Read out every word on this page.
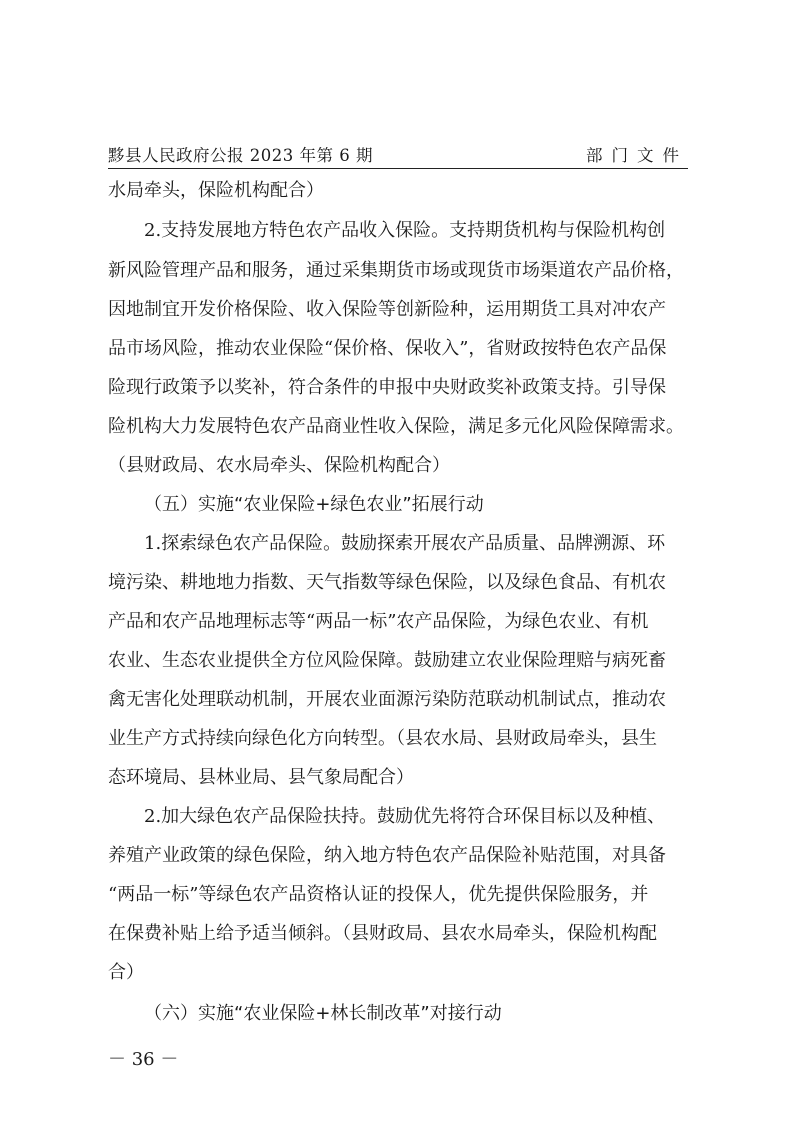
黟县人民政府公报 2023 年第 6 期	部门文件
水局牵头，保险机构配合）
2.支持发展地方特色农产品收入保险。支持期货机构与保险机构创
新风险管理产品和服务，通过采集期货市场或现货市场渠道农产品价格，
因地制宜开发价格保险、收入保险等创新险种，运用期货工具对冲农产
品市场风险，推动农业保险“保价格、保收入”，省财政按特色农产品保
险现行政策予以奖补，符合条件的申报中央财政奖补政策支持。引导保
险机构大力发展特色农产品商业性收入保险，满足多元化风险保障需求。
（县财政局、农水局牵头、保险机构配合）
（五）实施“农业保险+绿色农业”拓展行动
1.探索绿色农产品保险。鼓励探索开展农产品质量、品牌溯源、环
境污染、耕地地力指数、天气指数等绿色保险，以及绿色食品、有机农
产品和农产品地理标志等“两品一标”农产品保险，为绿色农业、有机
农业、生态农业提供全方位风险保障。鼓励建立农业保险理赔与病死畜
禽无害化处理联动机制，开展农业面源污染防范联动机制试点，推动农
业生产方式持续向绿色化方向转型。（县农水局、县财政局牵头，县生
态环境局、县林业局、县气象局配合）
2.加大绿色农产品保险扶持。鼓励优先将符合环保目标以及种植、
养殖产业政策的绿色保险，纳入地方特色农产品保险补贴范围，对具备
“两品一标”等绿色农产品资格认证的投保人，优先提供保险服务，并
在保费补贴上给予适当倾斜。（县财政局、县农水局牵头，保险机构配
合）
（六）实施“农业保险+林长制改革”对接行动
－ 36 －
